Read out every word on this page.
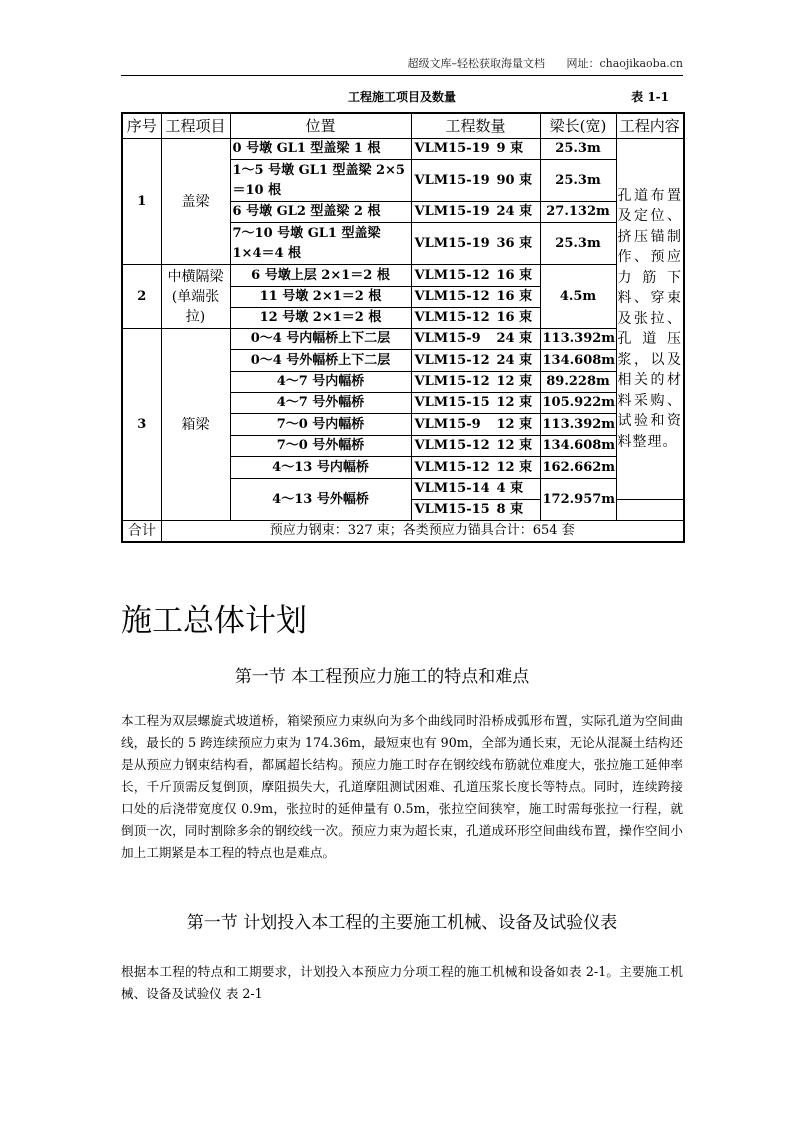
超级文库–轻松获取海量文档 网址：chaojikaoba.cn
工程施工项目及数量	表 1-1
序号	工程项目	位置	工程数量	梁长(宽)	工程内容
1	盖梁	0 号墩 GL1 型盖梁 1 根	VLM15-19 9 束	25.3m	孔道布置及定位、挤压锚制作、预应力筋下料、穿束及张拉、孔道压浆，以及相关的材料采购、试验和资料整理。
		1～5 号墩 GL1 型盖梁 2×5＝10 根	VLM15-19 90 束	25.3m	
		6 号墩 GL2 型盖梁 2 根	VLM15-19 24 束	27.132m	
		7～10 号墩 GL1 型盖梁 1×4＝4 根	VLM15-19 36 束	25.3m	
2	中横隔梁(单端张拉)	6 号墩上层 2×1＝2 根	VLM15-12 16 束	4.5m	
		11 号墩 2×1＝2 根	VLM15-12 16 束		
		12 号墩 2×1＝2 根	VLM15-12 16 束		
3	箱梁	0～4 号内幅桥上下二层	VLM15-9 24 束	113.392m	
		0～4 号外幅桥上下二层	VLM15-12 24 束	134.608m	
		4～7 号内幅桥	VLM15-12 12 束	89.228m	
		4～7 号外幅桥	VLM15-15 12 束	105.922m	
		7～0 号内幅桥	VLM15-9 12 束	113.392m	
		7～0 号外幅桥	VLM15-12 12 束	134.608m	
		4～13 号内幅桥	VLM15-12 12 束	162.662m	
		4～13 号外幅桥	VLM15-14 4 束	172.957m	
			VLM15-15 8 束		
合计	预应力钢束：327 束；各类预应力锚具合计：654 套				
施工总体计划
第一节 本工程预应力施工的特点和难点

本工程为双层螺旋式坡道桥，箱梁预应力束纵向为多个曲线同时沿桥成弧形布置，实际孔道为空间曲线，最长的 5 跨连续预应力束为 174.36m，最短束也有 90m，全部为通长束，无论从混凝土结构还是从预应力钢束结构看，都属超长结构。预应力施工时存在钢绞线布筋就位难度大，张拉施工延伸率长，千斤顶需反复倒顶，摩阻损失大，孔道摩阻测试困难、孔道压浆长度长等特点。同时，连续跨接口处的后浇带宽度仅 0.9m，张拉时的延伸量有 0.5m，张拉空间狭窄，施工时需每张拉一行程，就倒顶一次，同时割除多余的钢绞线一次。预应力束为超长束，孔道成环形空间曲线布置，操作空间小加上工期紧是本工程的特点也是难点。

第一节 计划投入本工程的主要施工机械、设备及试验仪表

根据本工程的特点和工期要求，计划投入本预应力分项工程的施工机械和设备如表 2-1。主要施工机械、设备及试验仪 表 2-1
